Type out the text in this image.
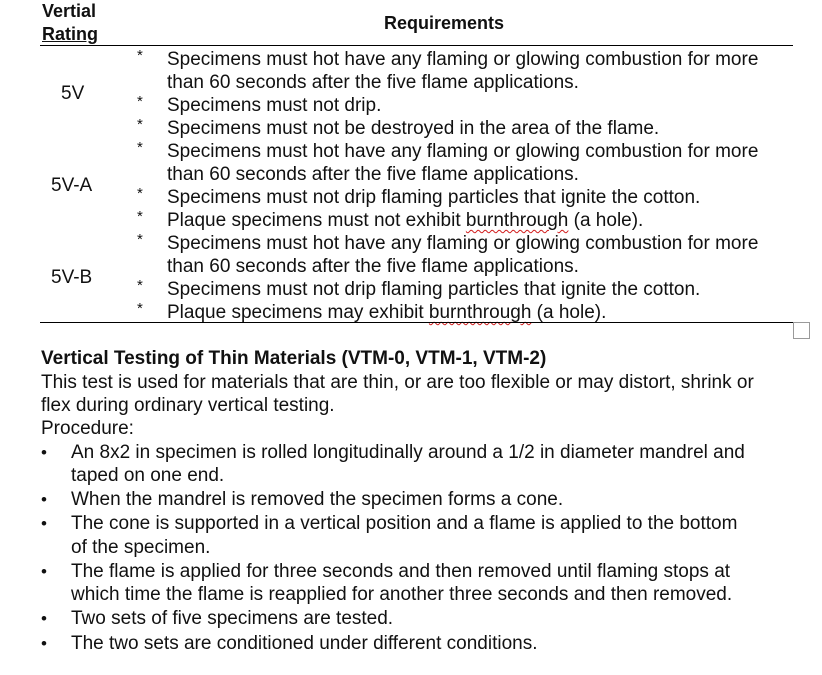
Vertial
Rating
Requirements
5V
* Specimens must hot have any flaming or glowing combustion for more
than 60 seconds after the five flame applications.
* Specimens must not drip.
* Specimens must not be destroyed in the area of the flame.
5V-A
* Specimens must hot have any flaming or glowing combustion for more
than 60 seconds after the five flame applications.
* Specimens must not drip flaming particles that ignite the cotton.
* Plaque specimens must not exhibit burnthrough (a hole).
5V-B
* Specimens must hot have any flaming or glowing combustion for more
than 60 seconds after the five flame applications.
* Specimens must not drip flaming particles that ignite the cotton.
* Plaque specimens may exhibit burnthrough (a hole).
Vertical Testing of Thin Materials (VTM-0, VTM-1, VTM-2)
This test is used for materials that are thin, or are too flexible or may distort, shrink or
flex during ordinary vertical testing.
Procedure:
• An 8x2 in specimen is rolled longitudinally around a 1/2 in diameter mandrel and
taped on one end.
• When the mandrel is removed the specimen forms a cone.
• The cone is supported in a vertical position and a flame is applied to the bottom
of the specimen.
• The flame is applied for three seconds and then removed until flaming stops at
which time the flame is reapplied for another three seconds and then removed.
• Two sets of five specimens are tested.
• The two sets are conditioned under different conditions.
